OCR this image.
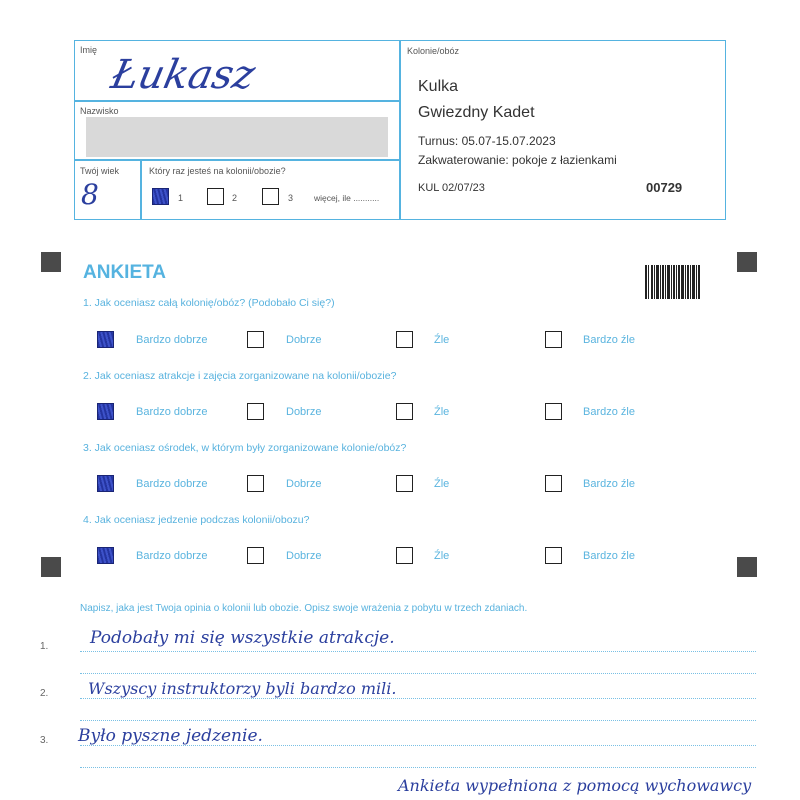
Imię
Łukasz
Nazwisko
Twój wiek
8
Który raz jesteś na kolonii/obozie?
1	2	3 więcej, ile ...........
Kolonie/obóz
Kulka
Gwiezdny Kadet
Turnus: 05.07-15.07.2023
Zakwaterowanie: pokoje z łazienkami
KUL 02/07/23	00729
ANKIETA
1. Jak oceniasz całą kolonię/obóz? (Podobało Ci się?)
Bardzo dobrze	Dobrze	Źle	Bardzo źle
2. Jak oceniasz atrakcje i zajęcia zorganizowane na kolonii/obozie?
Bardzo dobrze	Dobrze	Źle	Bardzo źle
3. Jak oceniasz ośrodek, w którym były zorganizowane kolonie/obóz?
Bardzo dobrze	Dobrze	Źle	Bardzo źle
4. Jak oceniasz jedzenie podczas kolonii/obozu?
Bardzo dobrze	Dobrze	Źle	Bardzo źle
Napisz, jaka jest Twoja opinia o kolonii lub obozie. Opisz swoje wrażenia z pobytu w trzech zdaniach.
1. Podobały mi się wszystkie atrakcje.
2. Wszyscy instruktorzy byli bardzo mili.
3. Było pyszne jedzenie.
Ankieta wypełniona z pomocą wychowawcy
